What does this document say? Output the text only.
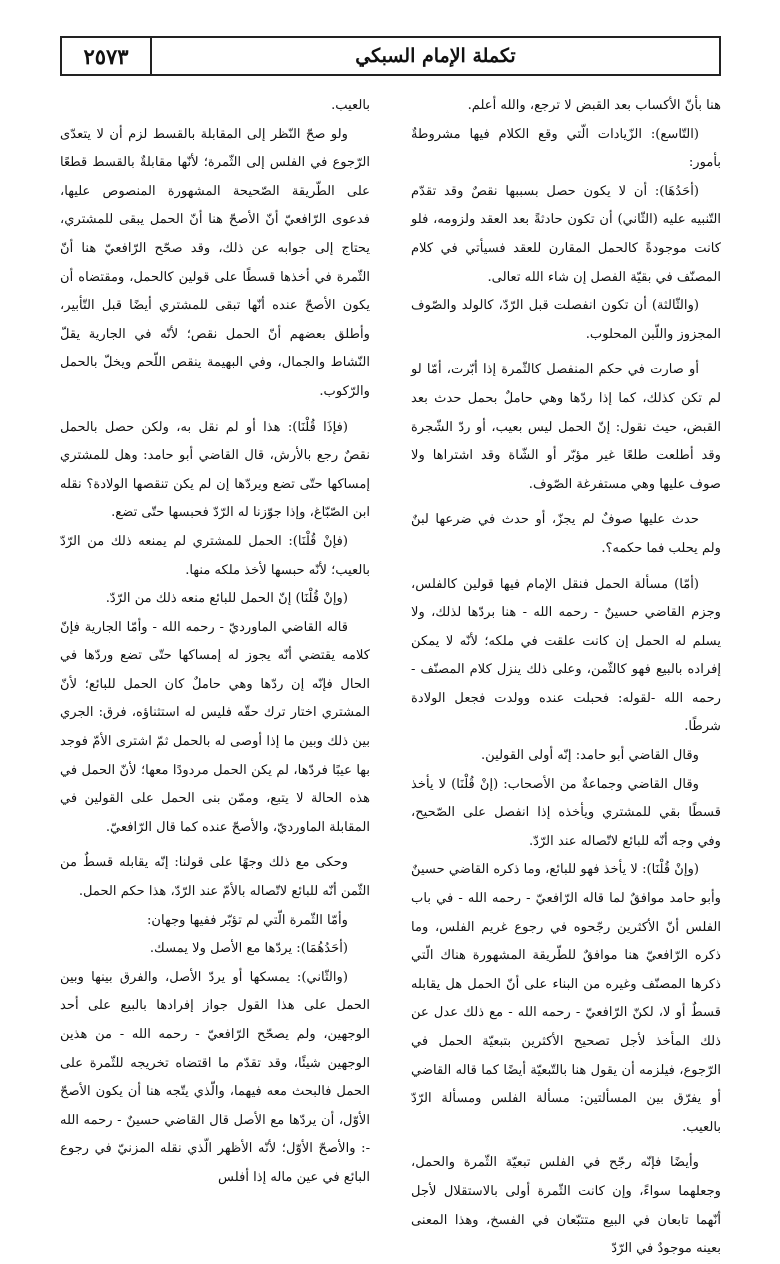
٢٥٧٣	تكملة الإمام السبكي

هنا بأنّ الأكساب بعد القبض لا ترجع، والله أعلم.

(التّاسع): الزّيادات الّتي وقع الكلام فيها مشروطةٌ بأمور:

(أحَدُهَا): أن لا يكون حصل بسببها نقصٌ وقد تقدّم التّنبيه عليه (الثّاني) أن تكون حادثةً بعد العقد ولزومه، فلو كانت موجودةً كالحمل المقارن للعقد فسيأتي في كلام المصنّف في بقيّة الفصل إن شاء الله تعالى.

(والثّالثة) أن تكون انفصلت قبل الرّدّ، كالولد والصّوف المجزوز واللّبن المحلوب.

أو صارت في حكم المنفصل كالثّمرة إذا أبّرت، أمّا لو لم تكن كذلك، كما إذا ردّها وهي حاملٌ بحمل حدث بعد القبض، حيث نقول: إنّ الحمل ليس بعيب، أو ردّ الشّجرة وقد أطلعت طلعًا غير مؤبّر أو الشّاة وقد اشتراها ولا صوف عليها وهي مستفرغة الصّوف.

حدث عليها صوفٌ لم يجزّ، أو حدث في ضرعها لبنٌ ولم يحلب فما حكمه؟.

(أمّا) مسألة الحمل فنقل الإمام فيها قولين كالفلس، وجزم القاضي حسينٌ - رحمه الله - هنا بردّها لذلك، ولا يسلم له الحمل إن كانت علقت في ملكه؛ لأنّه لا يمكن إفراده بالبيع فهو كالثّمن، وعلى ذلك ينزل كلام المصنّف - رحمه الله -لقوله: فحبلت عنده وولدت فجعل الولادة شرطًا.

وقال القاضي أبو حامد: إنّه أولى القولين.

وقال القاضي وجماعةٌ من الأصحاب: (إنْ قُلْنَا) لا يأخذ قسطًا بقي للمشتري ويأخذه إذا انفصل على الصّحيح، وفي وجه أنّه للبائع لاتّصاله عند الرّدّ.

(وإنْ قُلْنَا): لا يأخذ فهو للبائع، وما ذكره القاضي حسينٌ وأبو حامد موافقٌ لما قاله الرّافعيّ - رحمه الله - في باب الفلس أنّ الأكثرين رجّحوه في رجوع غريم الفلس، وما ذكره الرّافعيّ هنا موافقٌ للطّريقة المشهورة هناك الّتي ذكرها المصنّف وغيره من البناء على أنّ الحمل هل يقابله قسطٌ أو لا، لكنّ الرّافعيّ - رحمه الله - مع ذلك عدل عن ذلك المأخذ لأجل تصحيح الأكثرين بتبعيّة الحمل في الرّجوع، فيلزمه أن يقول هنا بالتّبعيّة أيضًا كما قاله القاضي أو يفرّق بين المسألتين: مسألة الفلس ومسألة الرّدّ بالعيب.

وأيضًا فإنّه رجّح في الفلس تبعيّة الثّمرة والحمل، وجعلهما سواءً، وإن كانت الثّمرة أولى بالاستقلال لأجل أنّهما تابعان في البيع متتبّعان في الفسخ، وهذا المعنى بعينه موجودٌ في الرّدّ

بالعيب.

ولو صحّ النّظر إلى المقابلة بالقسط لزم أن لا يتعدّى الرّجوع في الفلس إلى الثّمرة؛ لأنّها مقابلةٌ بالقسط قطعًا على الطّريقة الصّحيحة المشهورة المنصوص عليها، فدعوى الرّافعيّ أنّ الأصحّ هنا أنّ الحمل يبقى للمشتري، يحتاج إلى جوابه عن ذلك، وقد صحّح الرّافعيّ هنا أنّ الثّمرة في أخذها قسطًا على قولين كالحمل، ومقتضاه أن يكون الأصحّ عنده أنّها تبقى للمشتري أيضًا قبل التّأبير، وأطلق بعضهم أنّ الحمل نقص؛ لأنّه في الجارية يقلّ النّشاط والجمال، وفي البهيمة ينقص اللّحم ويخلّ بالحمل والرّكوب.

(فإذَا قُلْنَا): هذا أو لم نقل به، ولكن حصل بالحمل نقصٌ رجع بالأرش، قال القاضي أبو حامد: وهل للمشتري إمساكها حتّى تضع ويردّها إن لم يكن تنقصها الولادة؟ نقله ابن الصّبّاغ، وإذا جوّزنا له الرّدّ فحبسها حتّى تضع.

(فإنْ قُلْنَا): الحمل للمشتري لم يمنعه ذلك من الرّدّ بالعيب؛ لأنّه حبسها لأخذ ملكه منها.

(وإنْ قُلْنَا) إنّ الحمل للبائع منعه ذلك من الرّدّ.

قاله القاضي الماورديّ - رحمه الله - وأمّا الجارية فإنّ كلامه يقتضي أنّه يجوز له إمساكها حتّى تضع وردّها في الحال فإنّه إن ردّها وهي حاملٌ كان الحمل للبائع؛ لأنّ المشتري اختار ترك حقّه فليس له استثناؤه، فرق: الجري بين ذلك وبين ما إذا أوصى له بالحمل ثمّ اشترى الأمّ فوجد بها عيبًا فردّها، لم يكن الحمل مردودًا معها؛ لأنّ الحمل في هذه الحالة لا يتبع، وممّن بنى الحمل على القولين في المقابلة الماورديّ، والأصحّ عنده كما قال الرّافعيّ.

وحكى مع ذلك وجهًا على قولنا: إنّه يقابله قسطٌ من الثّمن أنّه للبائع لاتّصاله بالأمّ عند الرّدّ، هذا حكم الحمل.

وأمّا الثّمرة الّتي لم تؤبّر ففيها وجهان:

(أحَدُهُمَا): يردّها مع الأصل ولا يمسك.

(والثّاني): يمسكها أو يردّ الأصل، والفرق بينها وبين الحمل على هذا القول جواز إفرادها بالبيع على أحد الوجهين، ولم يصحّح الرّافعيّ - رحمه الله - من هذين الوجهين شيئًا، وقد تقدّم ما اقتضاه تخريجه للثّمرة على الحمل فالبحث معه فيهما، والّذي يتّجه هنا أن يكون الأصحّ الأوّل، أن يردّها مع الأصل قال القاضي حسينٌ - رحمه الله -: والأصحّ الأوّل؛ لأنّه الأظهر الّذي نقله المزنيّ في رجوع البائع في عين ماله إذا أفلس
